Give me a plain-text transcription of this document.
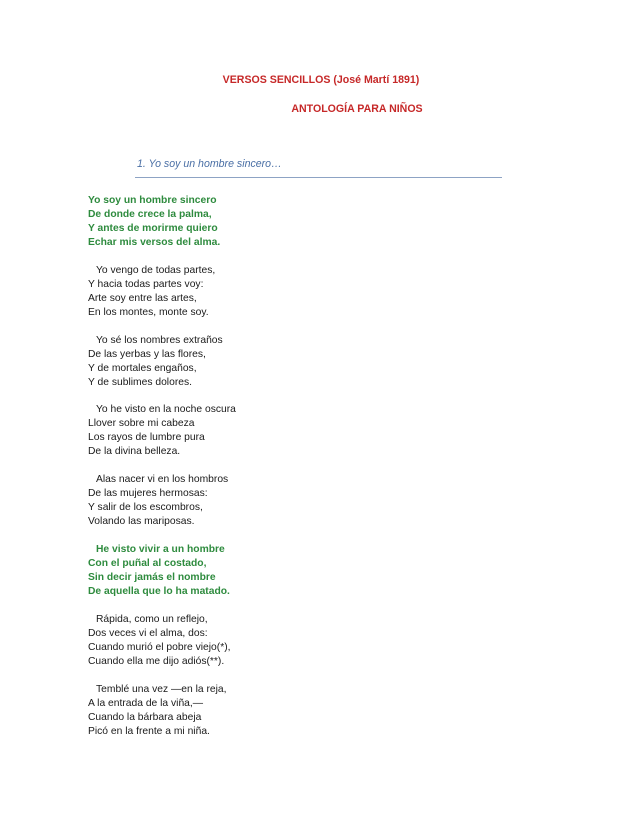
VERSOS SENCILLOS (José Martí 1891)
ANTOLOGÍA PARA NIÑOS
1. Yo soy un hombre sincero…
Yo soy un hombre sincero
De donde crece la palma,
Y antes de morirme quiero
Echar mis versos del alma.
Yo vengo de todas partes,
Y hacia todas partes voy:
Arte soy entre las artes,
En los montes, monte soy.
Yo sé los nombres extraños
De las yerbas y las flores,
Y de mortales engaños,
Y de sublimes dolores.
Yo he visto en la noche oscura
Llover sobre mi cabeza
Los rayos de lumbre pura
De la divina belleza.
Alas nacer vi en los hombros
De las mujeres hermosas:
Y salir de los escombros,
Volando las mariposas.
He visto vivir a un hombre
Con el puñal al costado,
Sin decir jamás el nombre
De aquella que lo ha matado.
Rápida, como un reflejo,
Dos veces vi el alma, dos:
Cuando murió el pobre viejo(*),
Cuando ella me dijo adiós(**).
Temblé una vez —en la reja,
A la entrada de la viña,—
Cuando la bárbara abeja
Picó en la frente a mi niña.
